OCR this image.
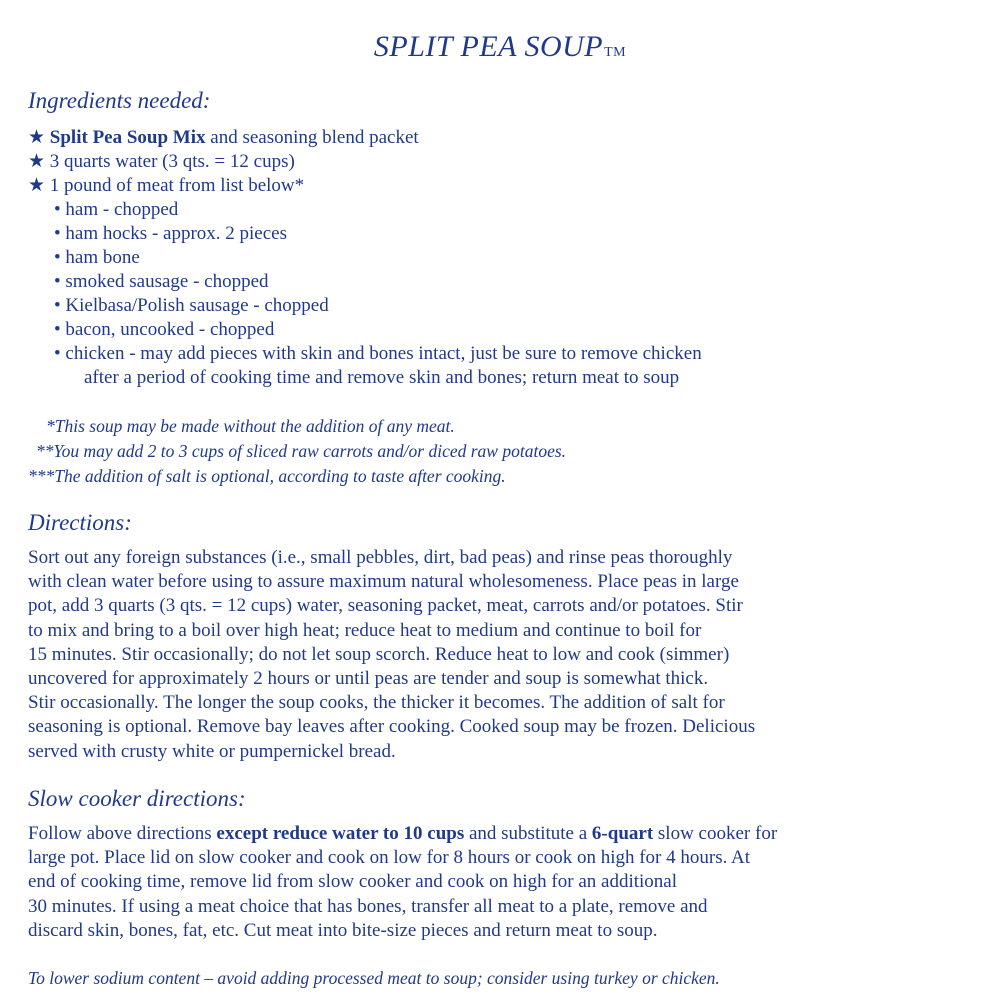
SPLIT PEA SOUPTM
Ingredients needed:
★ Split Pea Soup Mix and seasoning blend packet
★ 3 quarts water (3 qts. = 12 cups)
★ 1 pound of meat from list below*
• ham - chopped
• ham hocks - approx. 2 pieces
• ham bone
• smoked sausage - chopped
• Kielbasa/Polish sausage - chopped
• bacon, uncooked - chopped
• chicken - may add pieces with skin and bones intact, just be sure to remove chicken
after a period of cooking time and remove skin and bones; return meat to soup
*This soup may be made without the addition of any meat.
**You may add 2 to 3 cups of sliced raw carrots and/or diced raw potatoes.
***The addition of salt is optional, according to taste after cooking.
Directions:
Sort out any foreign substances (i.e., small pebbles, dirt, bad peas) and rinse peas thoroughly
with clean water before using to assure maximum natural wholesomeness. Place peas in large
pot, add 3 quarts (3 qts. = 12 cups) water, seasoning packet, meat, carrots and/or potatoes. Stir
to mix and bring to a boil over high heat; reduce heat to medium and continue to boil for
15 minutes. Stir occasionally; do not let soup scorch. Reduce heat to low and cook (simmer)
uncovered for approximately 2 hours or until peas are tender and soup is somewhat thick.
Stir occasionally. The longer the soup cooks, the thicker it becomes. The addition of salt for
seasoning is optional. Remove bay leaves after cooking. Cooked soup may be frozen. Delicious
served with crusty white or pumpernickel bread.
Slow cooker directions:
Follow above directions except reduce water to 10 cups and substitute a 6-quart slow cooker for
large pot. Place lid on slow cooker and cook on low for 8 hours or cook on high for 4 hours. At
end of cooking time, remove lid from slow cooker and cook on high for an additional
30 minutes. If using a meat choice that has bones, transfer all meat to a plate, remove and
discard skin, bones, fat, etc. Cut meat into bite-size pieces and return meat to soup.
To lower sodium content – avoid adding processed meat to soup; consider using turkey or chicken.
